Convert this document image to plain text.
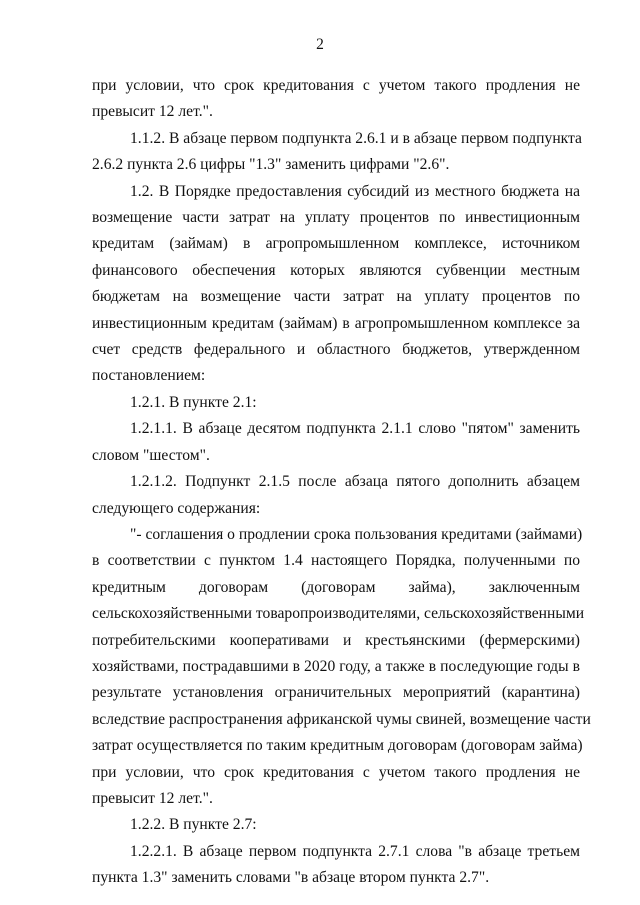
2
при условии, что срок кредитования с учетом такого продления не
превысит 12 лет.".
1.1.2. В абзаце первом подпункта 2.6.1 и в абзаце первом подпункта
2.6.2 пункта 2.6 цифры "1.3" заменить цифрами "2.6".
1.2. В Порядке предоставления субсидий из местного бюджета на
возмещение части затрат на уплату процентов по инвестиционным
кредитам (займам) в агропромышленном комплексе, источником
финансового обеспечения которых являются субвенции местным
бюджетам на возмещение части затрат на уплату процентов по
инвестиционным кредитам (займам) в агропромышленном комплексе за
счет средств федерального и областного бюджетов, утвержденном
постановлением:
1.2.1. В пункте 2.1:
1.2.1.1. В абзаце десятом подпункта 2.1.1 слово "пятом" заменить
словом "шестом".
1.2.1.2. Подпункт 2.1.5 после абзаца пятого дополнить абзацем
следующего содержания:
"- соглашения о продлении срока пользования кредитами (займами)
в соответствии с пунктом 1.4 настоящего Порядка, полученными по
кредитным договорам (договорам займа), заключенным
сельскохозяйственными товаропроизводителями, сельскохозяйственными
потребительскими кооперативами и крестьянскими (фермерскими)
хозяйствами, пострадавшими в 2020 году, а также в последующие годы в
результате установления ограничительных мероприятий (карантина)
вследствие распространения африканской чумы свиней, возмещение части
затрат осуществляется по таким кредитным договорам (договорам займа)
при условии, что срок кредитования с учетом такого продления не
превысит 12 лет.".
1.2.2. В пункте 2.7:
1.2.2.1. В абзаце первом подпункта 2.7.1 слова "в абзаце третьем
пункта 1.3" заменить словами "в абзаце втором пункта 2.7".
